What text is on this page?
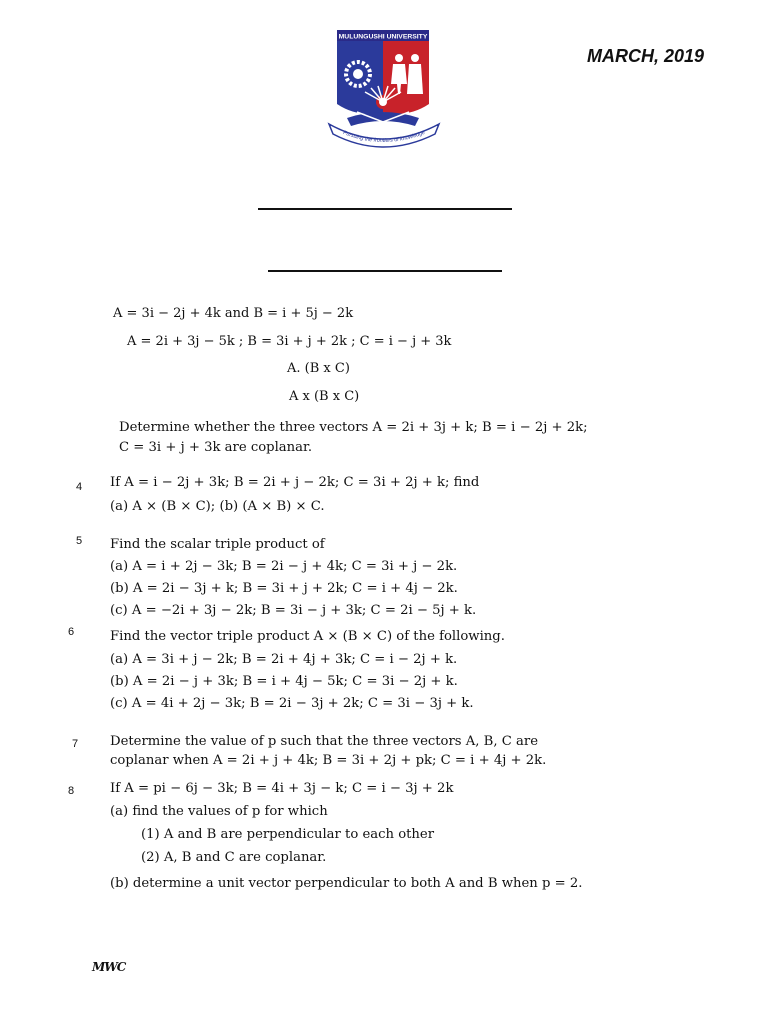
MARCH, 2019
MULUNGUSHI UNIVERSITY
Pursuing the frontiers of knowledge
A = 3i − 2j + 4k and B = i + 5j − 2k
A = 2i + 3j − 5k ; B = 3i + j + 2k ; C = i − j + 3k
A. (B x C)
A x (B x C)
Determine whether the three vectors A = 2i + 3j + k; B = i − 2j + 2k;
C = 3i + j + 3k are coplanar.
4 If A = i − 2j + 3k; B = 2i + j − 2k; C = 3i + 2j + k; find
(a) A × (B × C); (b) (A × B) × C.
5 Find the scalar triple product of
(a) A = i + 2j − 3k; B = 2i − j + 4k; C = 3i + j − 2k.
(b) A = 2i − 3j + k; B = 3i + j + 2k; C = i + 4j − 2k.
(c) A = −2i + 3j − 2k; B = 3i − j + 3k; C = 2i − 5j + k.
6	Find the vector triple product A × (B × C) of the following.
(a) A = 3i + j − 2k; B = 2i + 4j + 3k; C = i − 2j + k.
(b) A = 2i − j + 3k; B = i + 4j − 5k; C = 3i − 2j + k.
(c) A = 4i + 2j − 3k; B = 2i − 3j + 2k; C = 3i − 3j + k.
7 Determine the value of p such that the three vectors A, B, C are
coplanar when A = 2i + j + 4k; B = 3i + 2j + pk; C = i + 4j + 2k.
8	If A = pi − 6j − 3k; B = 4i + 3j − k; C = i − 3j + 2k
(a) find the values of p for which
(1) A and B are perpendicular to each other
(2) A, B and C are coplanar.
(b) determine a unit vector perpendicular to both A and B when p = 2.
MWC
